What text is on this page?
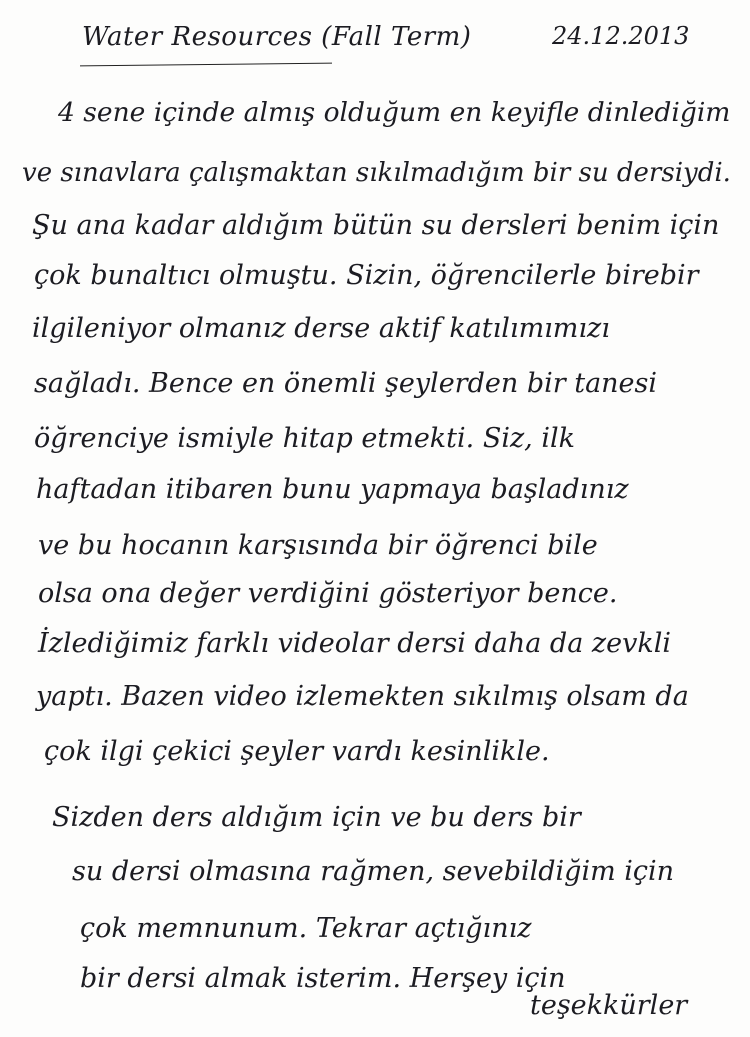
Water Resources (Fall Term)	24.12.2013
4 sene içinde almış olduğum en keyifle dinlediğim
ve sınavlara çalışmaktan sıkılmadığım bir su dersiydi.
Şu ana kadar aldığım bütün su dersleri benim için
çok bunaltıcı olmuştu. Sizin, öğrencilerle birebir
ilgileniyor olmanız derse aktif katılımımızı
sağladı. Bence en önemli şeylerden bir tanesi
öğrenciye ismiyle hitap etmekti. Siz, ilk
haftadan itibaren bunu yapmaya başladınız
ve bu hocanın karşısında bir öğrenci bile
olsa ona değer verdiğini gösteriyor bence.
İzlediğimiz farklı videolar dersi daha da zevkli
yaptı. Bazen video izlemekten sıkılmış olsam da
çok ilgi çekici şeyler vardı kesinlikle.
Sizden ders aldığım için ve bu ders bir
su dersi olmasına rağmen, sevebildiğim için
çok memnunum. Tekrar açtığınız
bir dersi almak isterim. Herşey için
teşekkürler
